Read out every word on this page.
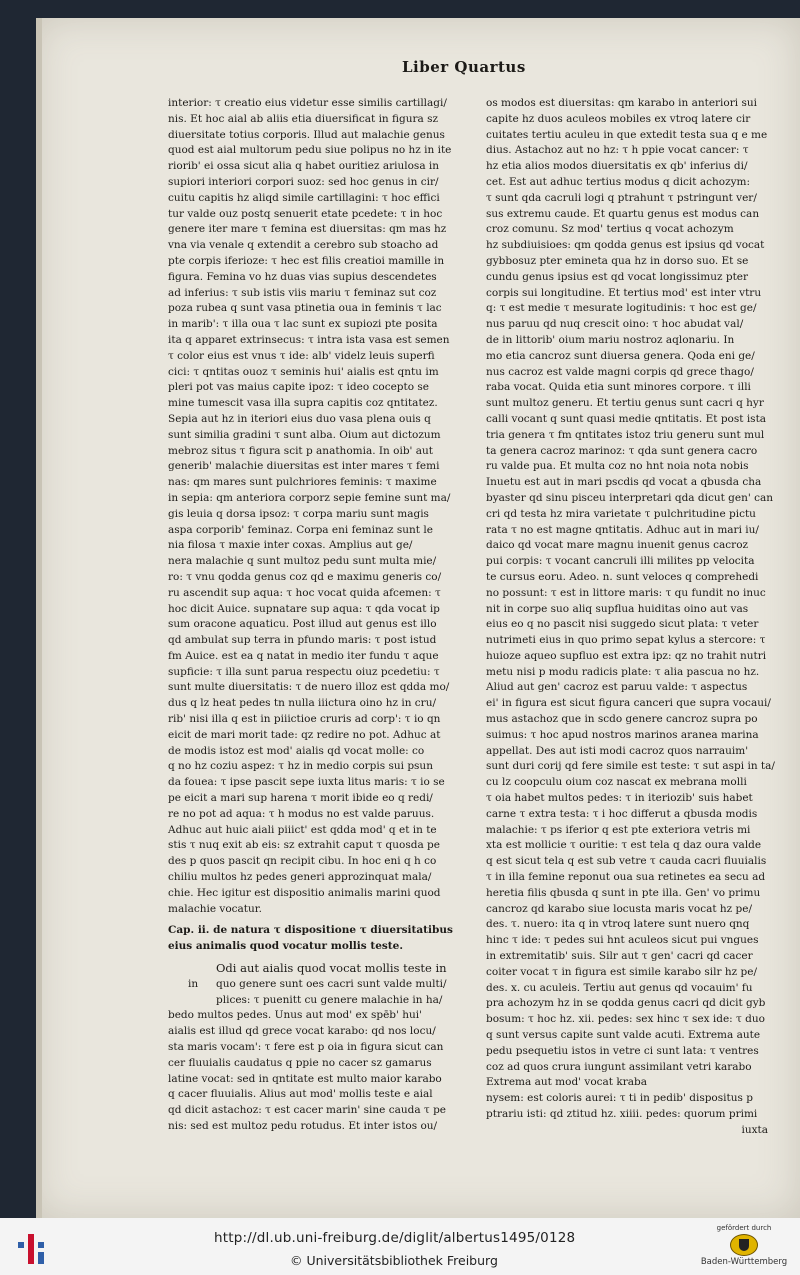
Liber Quartus
interior: τ creatio eius videtur esse similis cartillagi/
nis. Et hoc aial ab aliis etia diuersificat in figura sz
diuersitate totius corporis. Illud aut malachie genus
quod est aial multorum pedu siue polipus no hz in ite
riorib' ei ossa sicut alia q habet ouritiez ariulosa in
supiori interiori corpori suoz: sed hoc genus in cir/
cuitu capitis hz aliqd simile cartillagini: τ hoc effici
tur valde ouz postq senuerit etate pcedete: τ in hoc
genere iter mare τ femina est diuersitas: qm mas hz
vna via venale q extendit a cerebro sub stoacho ad
pte corpis iferioze: τ hec est filis creatioi mamille in
figura. Femina vo hz duas vias supius descendetes
ad inferius: τ sub istis viis mariu τ feminaz sut coz
poza rubea q sunt vasa ptinetia oua in feminis τ lac
in marib': τ illa oua τ lac sunt ex supiozi pte posita
ita q apparet extrinsecus: τ intra ista vasa est semen
τ color eius est vnus τ ide: alb' videlz leuis superfi
cici: τ qntitas ouoz τ seminis hui' aialis est qntu im
pleri pot vas maius capite ipoz: τ ideo cocepto se
mine tumescit vasa illa supra capitis coz qntitatez.
Sepia aut hz in iteriori eius duo vasa plena ouis q
sunt similia gradini τ sunt alba. Oium aut dictozum
mebroz situs τ figura scit p anathomia. In oib' aut
generib' malachie diuersitas est inter mares τ femi
nas: qm mares sunt pulchriores feminis: τ maxime
in sepia: qm anteriora corporz sepie femine sunt ma/
gis leuia q dorsa ipsoz: τ corpa mariu sunt magis
aspa corporib' feminaz. Corpa eni feminaz sunt le
nia filosa τ maxie inter coxas. Amplius aut ge/
nera malachie q sunt multoz pedu sunt multa mie/
ro: τ vnu qodda genus coz qd e maximu generis co/
ru ascendit sup aqua: τ hoc vocat quida afcemen: τ
hoc dicit Auice. supnatare sup aqua: τ qda vocat ip
sum oracone aquaticu. Post illud aut genus est illo
qd ambulat sup terra in pfundo maris: τ post istud
fm Auice. est ea q natat in medio iter fundu τ aque
supficie: τ illa sunt parua respectu oiuz pcedetiu: τ
sunt multe diuersitatis: τ de nuero illoz est qdda mo/
dus q lz heat pedes tn nulla iiictura oino hz in cru/
rib' nisi illa q est in piiictioe cruris ad corp': τ io qn
eicit de mari morit tade: qz redire no pot. Adhuc at
de modis istoz est mod' aialis qd vocat molle: co
q no hz coziu aspez: τ hz in medio corpis sui psun
da fouea: τ ipse pascit sepe iuxta litus maris: τ io se
pe eicit a mari sup harena τ morit ibide eo q redi/
re no pot ad aqua: τ h modus no est valde paruus.
Adhuc aut huic aiali piiict' est qdda mod' q et in te
stis τ nuq exit ab eis: sz extrahit caput τ quosda pe
des p quos pascit qn recipit cibu. In hoc eni q h co
chiliu multos hz pedes generi approzinquat mala/
chie. Hec igitur est dispositio animalis marini quod
malachie vocatur.
Cap. ii. de natura τ dispositione τ diuersitatibus
eius animalis quod vocatur mollis teste.
Odi aut aialis quod vocat mollis teste in
quo genere sunt oes cacri sunt valde multi/
plices: τ puenitt cu genere malachie in ha/
bedo multos pedes. Unus aut mod' ex spēb' hui'
aialis est illud qd grece vocat karabo: qd nos locu/
sta maris vocam': τ fere est p oia in figura sicut can
cer fluuialis caudatus q ppie no cacer sz gamarus
latine vocat: sed in qntitate est multo maior karabo
q cacer fluuialis. Alius aut mod' mollis teste e aial
qd dicit astachoz: τ est cacer marin' sine cauda τ pe
nis: sed est multoz pedu rotudus. Et inter istos ou/
in
os modos est diuersitas: qm karabo in anteriori sui
capite hz duos aculeos mobiles ex vtroq latere cir
cuitates tertiu aculeu in que extedit testa sua q e me
dius. Astachoz aut no hz: τ h ppie vocat cancer: τ
hz etia alios modos diuersitatis ex qb' inferius di/
cet. Est aut adhuc tertius modus q dicit achozym:
τ sunt qda cacruli logi q ptrahunt τ pstringunt ver/
sus extremu caude. Et quartu genus est modus can
croz comunu. Sz mod' tertius q vocat achozym
hz subdiuisioes: qm qodda genus est ipsius qd vocat
gybbosuz pter emineta qua hz in dorso suo. Et se
cundu genus ipsius est qd vocat longissimuz pter
corpis sui longitudine. Et tertius mod' est inter vtru
q: τ est medie τ mesurate logitudinis: τ hoc est ge/
nus paruu qd nuq crescit oino: τ hoc abudat val/
de in littorib' oium mariu nostroz aqlonariu. In
mo etia cancroz sunt diuersa genera. Qoda eni ge/
nus cacroz est valde magni corpis qd grece thago/
raba vocat. Quida etia sunt minores corpore. τ illi
sunt multoz generu. Et tertiu genus sunt cacri q hyr
calli vocant q sunt quasi medie qntitatis. Et post ista
tria genera τ fm qntitates istoz triu generu sunt mul
ta genera cacroz marinoz: τ qda sunt genera cacro
ru valde pua. Et multa coz no hnt noia nota nobis
Inuetu est aut in mari pscdis qd vocat a qbusda cha
byaster qd sinu pisceu interpretari qda dicut gen' can
cri qd testa hz mira varietate τ pulchritudine pictu
rata τ no est magne qntitatis. Adhuc aut in mari iu/
daico qd vocat mare magnu inuenit genus cacroz
pui corpis: τ vocant cancruli illi milites pp velocita
te cursus eoru. Adeo. n. sunt veloces q comprehedi
no possunt: τ est in littore maris: τ qu fundit no inuc
nit in corpe suo aliq supflua huiditas oino aut vas
eius eo q no pascit nisi suggedo sicut plata: τ veter
nutrimeti eius in quo primo sepat kylus a stercore: τ
huioze aqueo supfluo est extra ipz: qz no trahit nutri
metu nisi p modu radicis plate: τ alia pascua no hz.
Aliud aut gen' cacroz est paruu valde: τ aspectus
ei' in figura est sicut figura canceri que supra vocaui/
mus astachoz que in scdo genere cancroz supra po
suimus: τ hoc apud nostros marinos aranea marina
appellat. Des aut isti modi cacroz quos narrauim'
sunt duri corij qd fere simile est teste: τ sut aspi in ta/
cu lz coopculu oium coz nascat ex mebrana molli
τ oia habet multos pedes: τ in iteriozib' suis habet
carne τ extra testa: τ i hoc differut a qbusda modis
malachie: τ ps iferior q est pte exteriora vetris mi
xta est mollicie τ ouritie: τ est tela q daz oura valde
q est sicut tela q est sub vetre τ cauda cacri fluuialis
τ in illa femine reponut oua sua retinetes ea secu ad
heretia filis qbusda q sunt in pte illa. Gen' vo primu
cancroz qd karabo siue locusta maris vocat hz pe/
des. τ. nuero: ita q in vtroq latere sunt nuero qnq
hinc τ ide: τ pedes sui hnt aculeos sicut pui vngues
in extremitatib' suis. Silr aut τ gen' cacri qd cacer
coiter vocat τ in figura est simile karabo silr hz pe/
des. x. cu aculeis. Tertiu aut genus qd vocauim' fu
pra achozym hz in se qodda genus cacri qd dicit gyb
bosum: τ hoc hz. xii. pedes: sex hinc τ sex ide: τ duo
q sunt versus capite sunt valde acuti. Extrema aute
pedu psequetiu istos in vetre ci sunt lata: τ ventres
coz ad quos crura iungunt assimilant vetri karabo
Extrema aut mod' vocat kraba
nysem: est coloris aurei: τ ti in pedib' dispositus p
ptrariu isti: qd ztitud hz. xiiii. pedes: quorum primi
iuxta
http://dl.ub.uni-freiburg.de/diglit/albertus1495/0128
© Universitätsbibliothek Freiburg
gefördert durch
Baden-Württemberg
